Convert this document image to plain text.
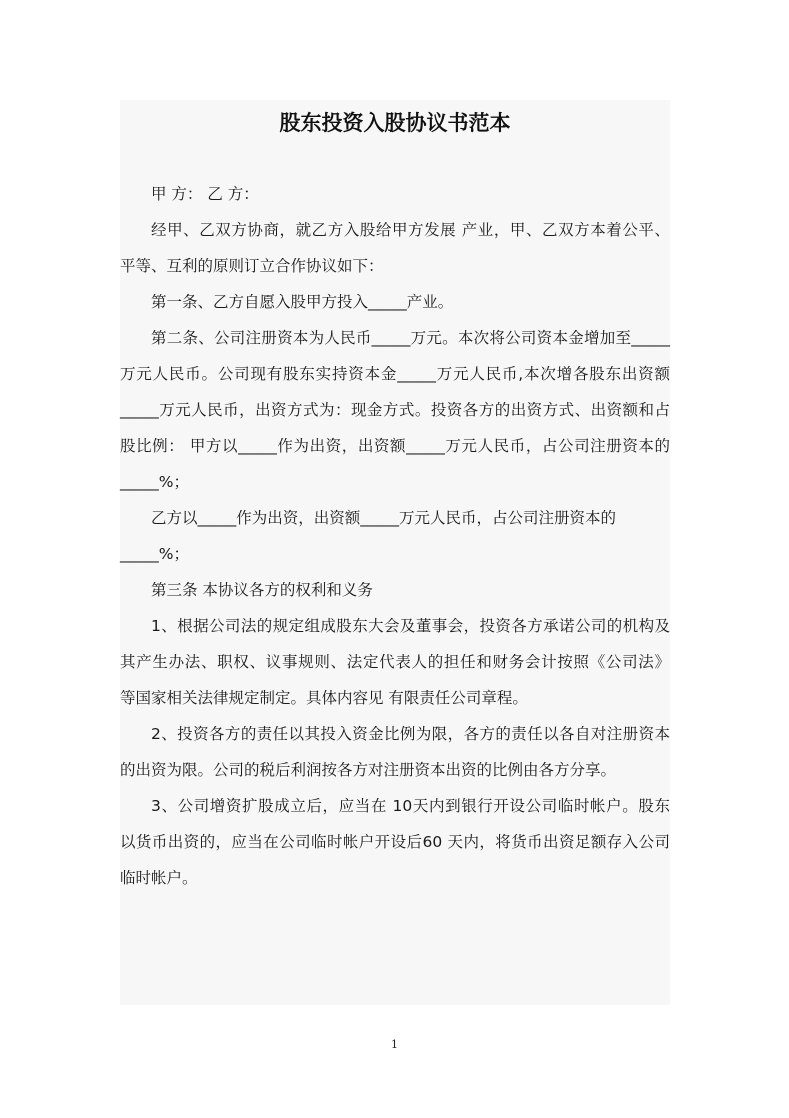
股东投资入股协议书范本
甲 方： 乙 方：
经甲、乙双方协商，就乙方入股给甲方发展 产业，甲、乙双方本着公平、
平等、互利的原则订立合作协议如下：
第一条、乙方自愿入股甲方投入_____产业。
第二条、公司注册资本为人民币_____万元。本次将公司资本金增加至_____
万元人民币。公司现有股东实持资本金_____万元人民币,本次增各股东出资额
_____万元人民币，出资方式为：现金方式。投资各方的出资方式、出资额和占
股比例： 甲方以_____作为出资，出资额_____万元人民币，占公司注册资本的
_____%；
乙方以_____作为出资，出资额_____万元人民币，占公司注册资本的
_____%；
第三条 本协议各方的权利和义务
1、根据公司法的规定组成股东大会及董事会，投资各方承诺公司的机构及
其产生办法、职权、议事规则、法定代表人的担任和财务会计按照《公司法》
等国家相关法律规定制定。具体内容见 有限责任公司章程。
2、投资各方的责任以其投入资金比例为限，各方的责任以各自对注册资本
的出资为限。公司的税后利润按各方对注册资本出资的比例由各方分享。
3、公司增资扩股成立后，应当在 10天内到银行开设公司临时帐户。股东
以货币出资的，应当在公司临时帐户开设后60 天内，将货币出资足额存入公司
临时帐户。
1
